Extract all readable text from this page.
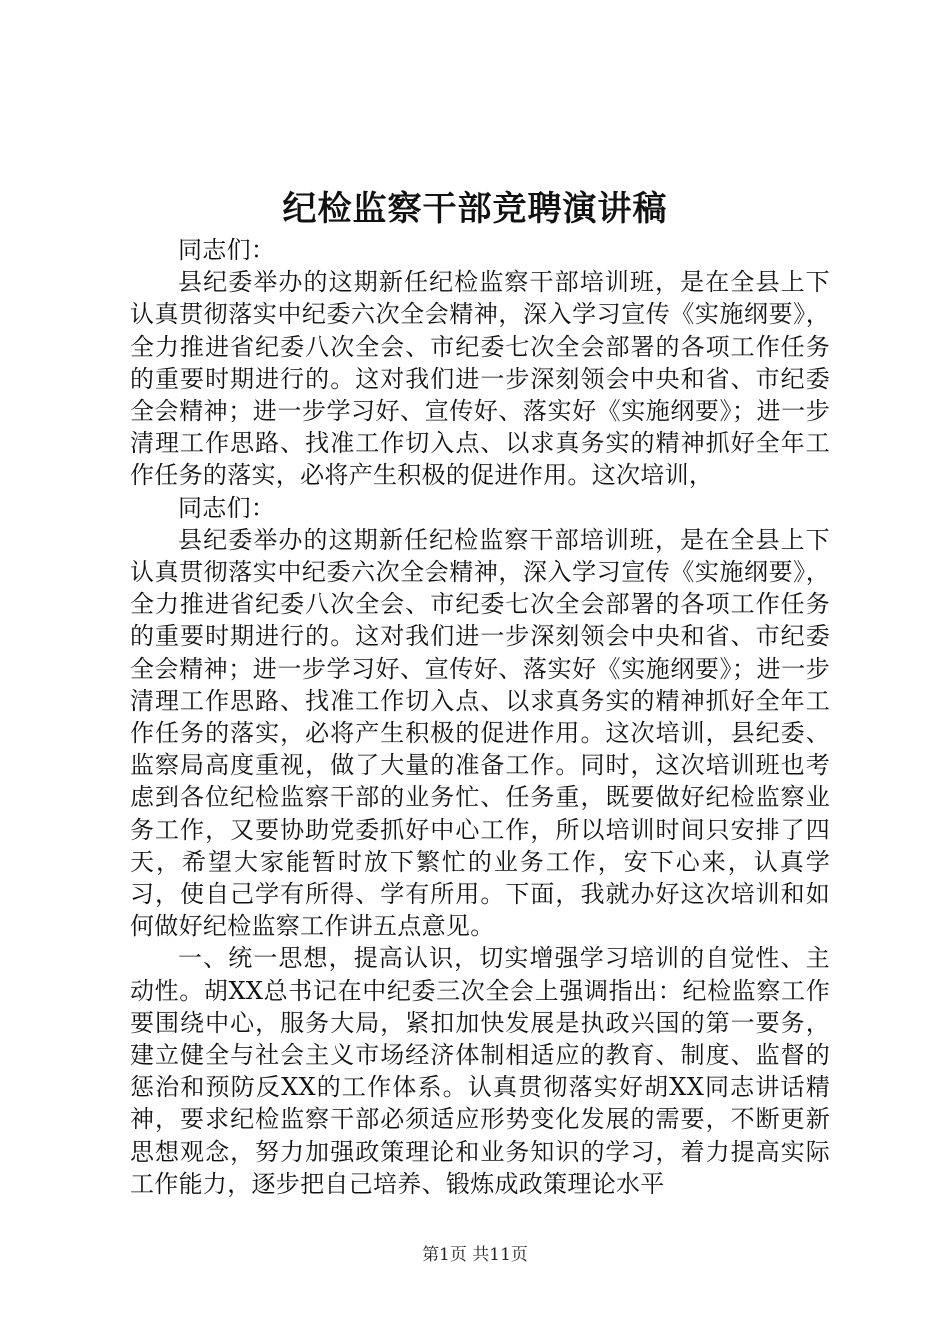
纪检监察干部竞聘演讲稿

同志们：

县纪委举办的这期新任纪检监察干部培训班，是在全县上下认真贯彻落实中纪委六次全会精神，深入学习宣传《实施纲要》，全力推进省纪委八次全会、市纪委七次全会部署的各项工作任务的重要时期进行的。这对我们进一步深刻领会中央和省、市纪委全会精神；进一步学习好、宣传好、落实好《实施纲要》；进一步清理工作思路、找准工作切入点、以求真务实的精神抓好全年工作任务的落实，必将产生积极的促进作用。这次培训，

同志们：

县纪委举办的这期新任纪检监察干部培训班，是在全县上下认真贯彻落实中纪委六次全会精神，深入学习宣传《实施纲要》，全力推进省纪委八次全会、市纪委七次全会部署的各项工作任务的重要时期进行的。这对我们进一步深刻领会中央和省、市纪委全会精神；进一步学习好、宣传好、落实好《实施纲要》；进一步清理工作思路、找准工作切入点、以求真务实的精神抓好全年工作任务的落实，必将产生积极的促进作用。这次培训，县纪委、监察局高度重视，做了大量的准备工作。同时，这次培训班也考虑到各位纪检监察干部的业务忙、任务重，既要做好纪检监察业务工作，又要协助党委抓好中心工作，所以培训时间只安排了四天，希望大家能暂时放下繁忙的业务工作，安下心来，认真学习，使自己学有所得、学有所用。下面，我就办好这次培训和如何做好纪检监察工作讲五点意见。

一、统一思想，提高认识，切实增强学习培训的自觉性、主动性。胡XX总书记在中纪委三次全会上强调指出：纪检监察工作要围绕中心，服务大局，紧扣加快发展是执政兴国的第一要务，建立健全与社会主义市场经济体制相适应的教育、制度、监督的惩治和预防反XX的工作体系。认真贯彻落实好胡XX同志讲话精神，要求纪检监察干部必须适应形势变化发展的需要，不断更新思想观念，努力加强政策理论和业务知识的学习，着力提高实际工作能力，逐步把自己培养、锻炼成政策理论水平

第1页 共11页
